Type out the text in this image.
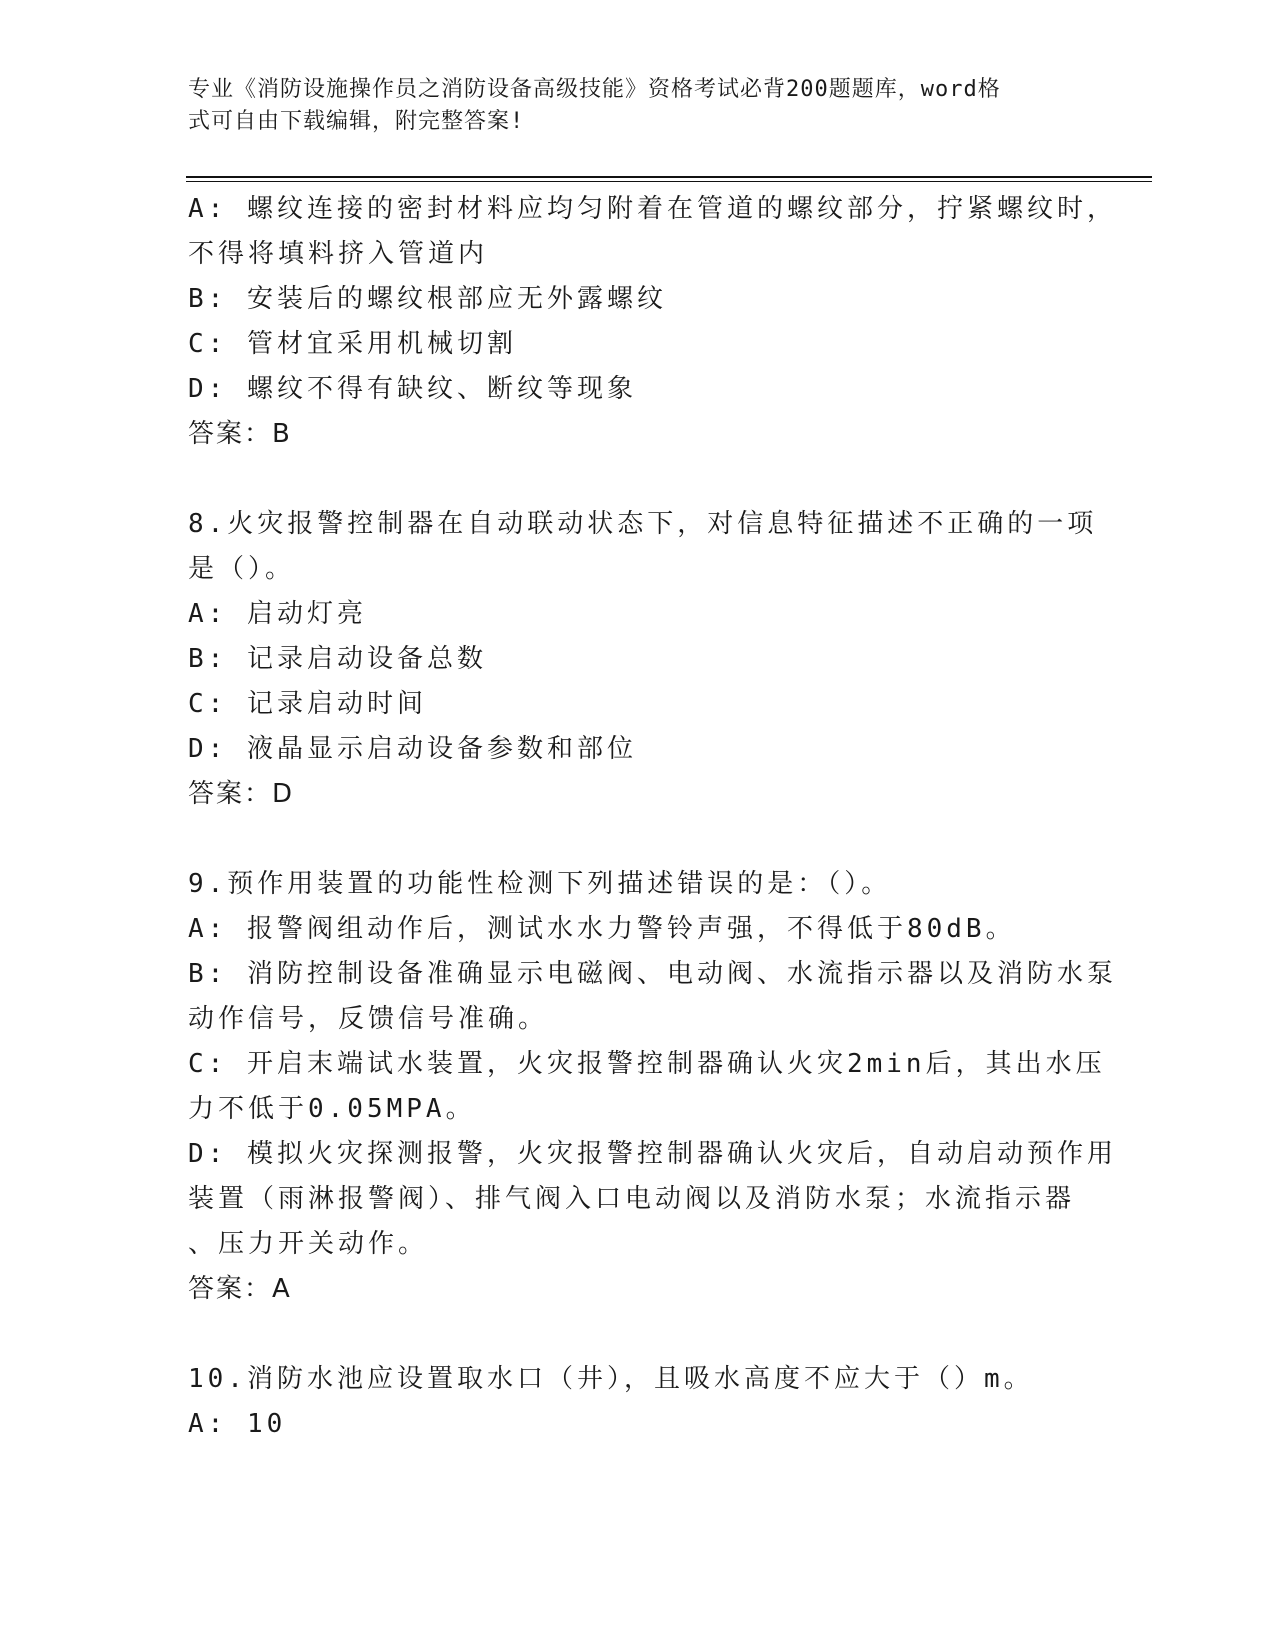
专业《消防设施操作员之消防设备高级技能》资格考试必背200题题库，word格
式可自由下载编辑，附完整答案!
A: 螺纹连接的密封材料应均匀附着在管道的螺纹部分，拧紧螺纹时，
不得将填料挤入管道内
B: 安装后的螺纹根部应无外露螺纹
C: 管材宜采用机械切割
D: 螺纹不得有缺纹、断纹等现象
答案：B
8.火灾报警控制器在自动联动状态下，对信息特征描述不正确的一项
是（）。
A: 启动灯亮
B: 记录启动设备总数
C: 记录启动时间
D: 液晶显示启动设备参数和部位
答案：D
9.预作用装置的功能性检测下列描述错误的是：（）。
A: 报警阀组动作后，测试水水力警铃声强，不得低于80dB。
B: 消防控制设备准确显示电磁阀、电动阀、水流指示器以及消防水泵
动作信号，反馈信号准确。
C: 开启末端试水装置，火灾报警控制器确认火灾2min后，其出水压
力不低于0.05MPA。
D: 模拟火灾探测报警，火灾报警控制器确认火灾后，自动启动预作用
装置（雨淋报警阀）、排气阀入口电动阀以及消防水泵；水流指示器
、压力开关动作。
答案：A
10.消防水池应设置取水口（井），且吸水高度不应大于（）m。
A: 10
